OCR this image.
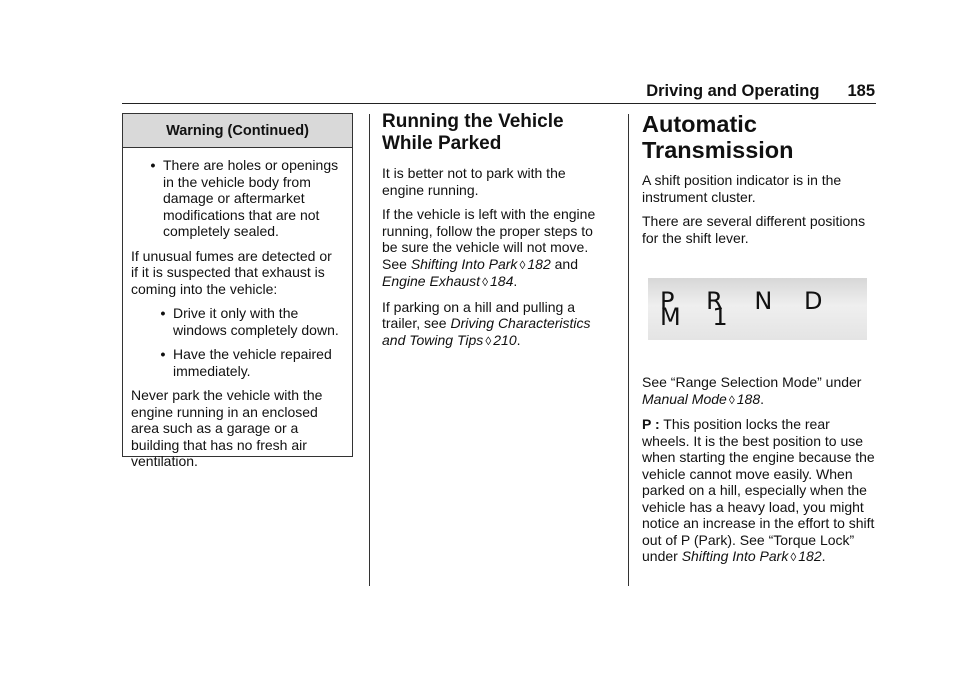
Driving and Operating 185
Warning (Continued)
• There are holes or openings in the vehicle body from damage or aftermarket modifications that are not completely sealed.

If unusual fumes are detected or if it is suspected that exhaust is coming into the vehicle:

• Drive it only with the windows completely down.
• Have the vehicle repaired immediately.

Never park the vehicle with the engine running in an enclosed area such as a garage or a building that has no fresh air ventilation.

Running the Vehicle While Parked

It is better not to park with the engine running.

If the vehicle is left with the engine running, follow the proper steps to be sure the vehicle will not move. See Shifting Into Park ◊ 182 and Engine Exhaust ◊ 184.

If parking on a hill and pulling a trailer, see Driving Characteristics and Towing Tips ◊ 210.

Automatic Transmission

A shift position indicator is in the instrument cluster.

There are several different positions for the shift lever.

P R N D M 1

See “Range Selection Mode” under Manual Mode ◊ 188.

P : This position locks the rear wheels. It is the best position to use when starting the engine because the vehicle cannot move easily. When parked on a hill, especially when the vehicle has a heavy load, you might notice an increase in the effort to shift out of P (Park). See “Torque Lock” under Shifting Into Park ◊ 182.
